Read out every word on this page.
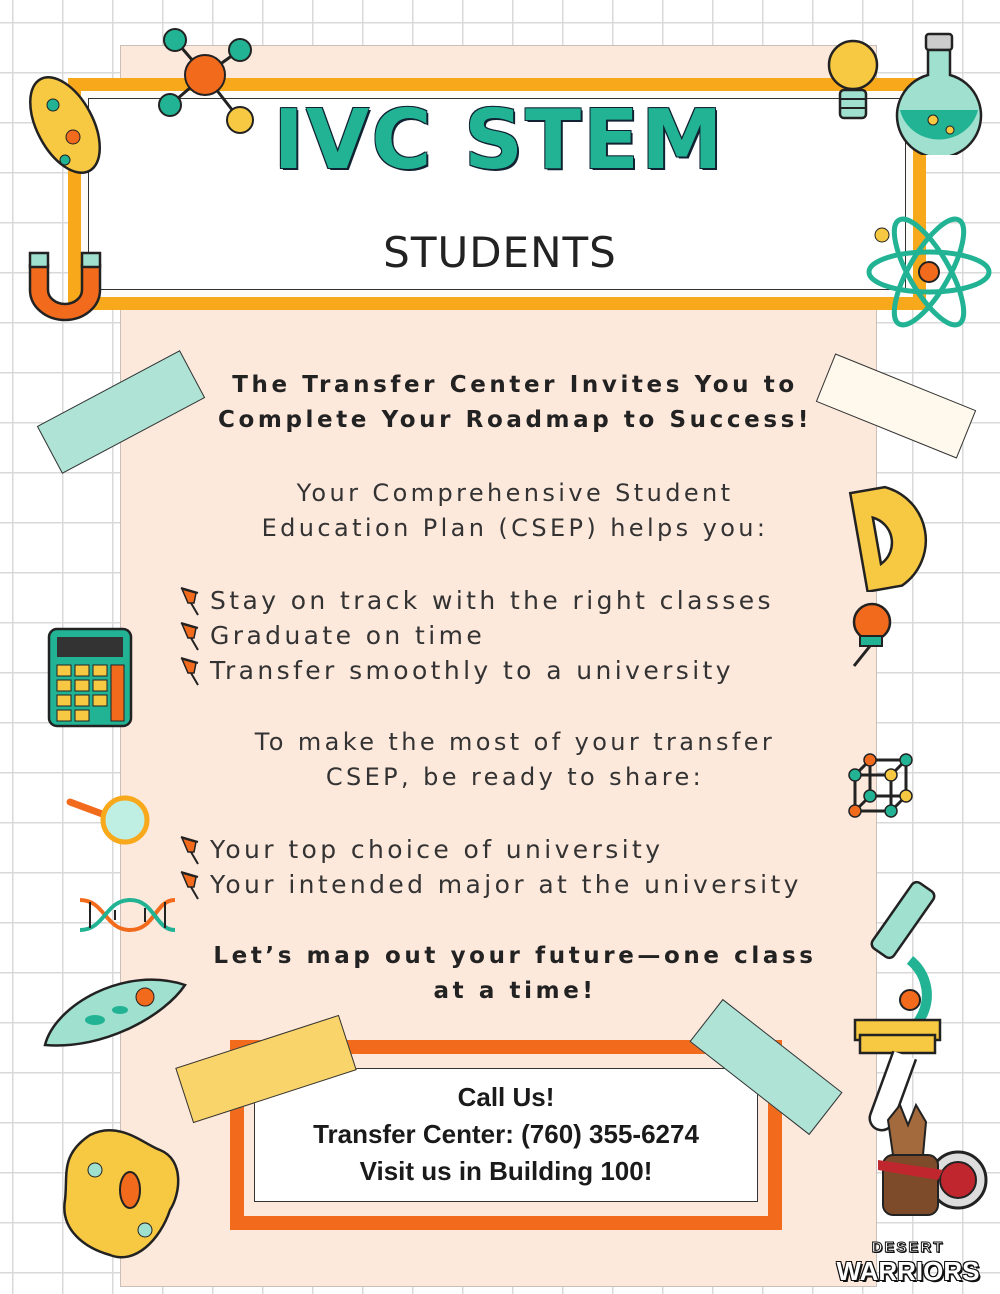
IVC STEM
STUDENTS
The Transfer Center Invites You to
Complete Your Roadmap to Success!
Your Comprehensive Student
Education Plan (CSEP) helps you:
Stay on track with the right classes
Graduate on time
Transfer smoothly to a university
To make the most of your transfer
CSEP, be ready to share:
Your top choice of university
Your intended major at the university
Let’s map out your future—one class
at a time!
Call Us!
Transfer Center: (760) 355-6274
Visit us in Building 100!
DESERT
WARRIORS
